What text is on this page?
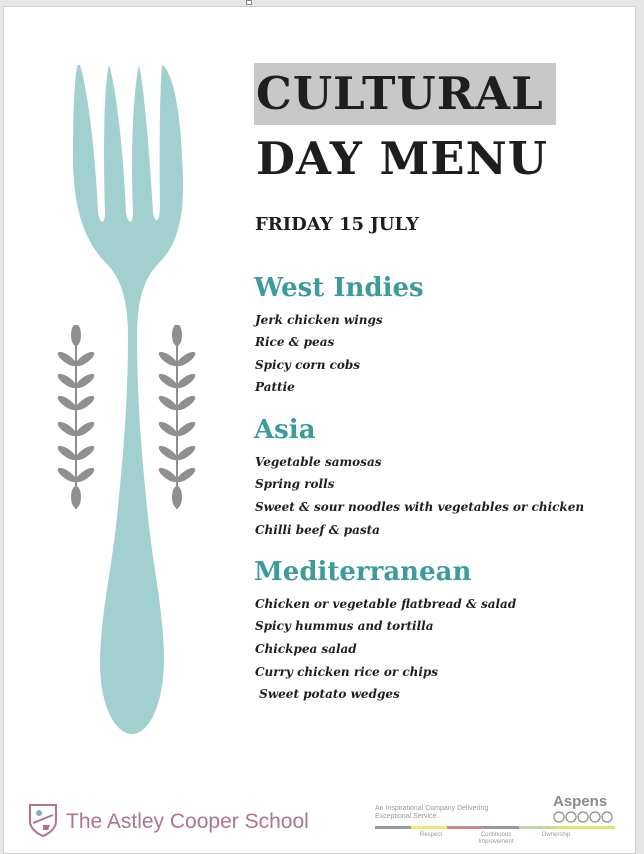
CULTURAL
DAY MENU
FRIDAY 15 JULY
West Indies
Jerk chicken wings
Rice & peas
Spicy corn cobs
Pattie
Asia
Vegetable samosas
Spring rolls
Sweet & sour noodles with vegetables or chicken
Chilli beef & pasta
Mediterranean
Chicken or vegetable flatbread & salad
Spicy hummus and tortilla
Chickpea salad
Curry chicken rice or chips
Sweet potato wedges
The Astley Cooper School
An Inspirational Company Delivering
Exceptional Service
Aspens
Respect	Continuous
Improvement
Ownership
